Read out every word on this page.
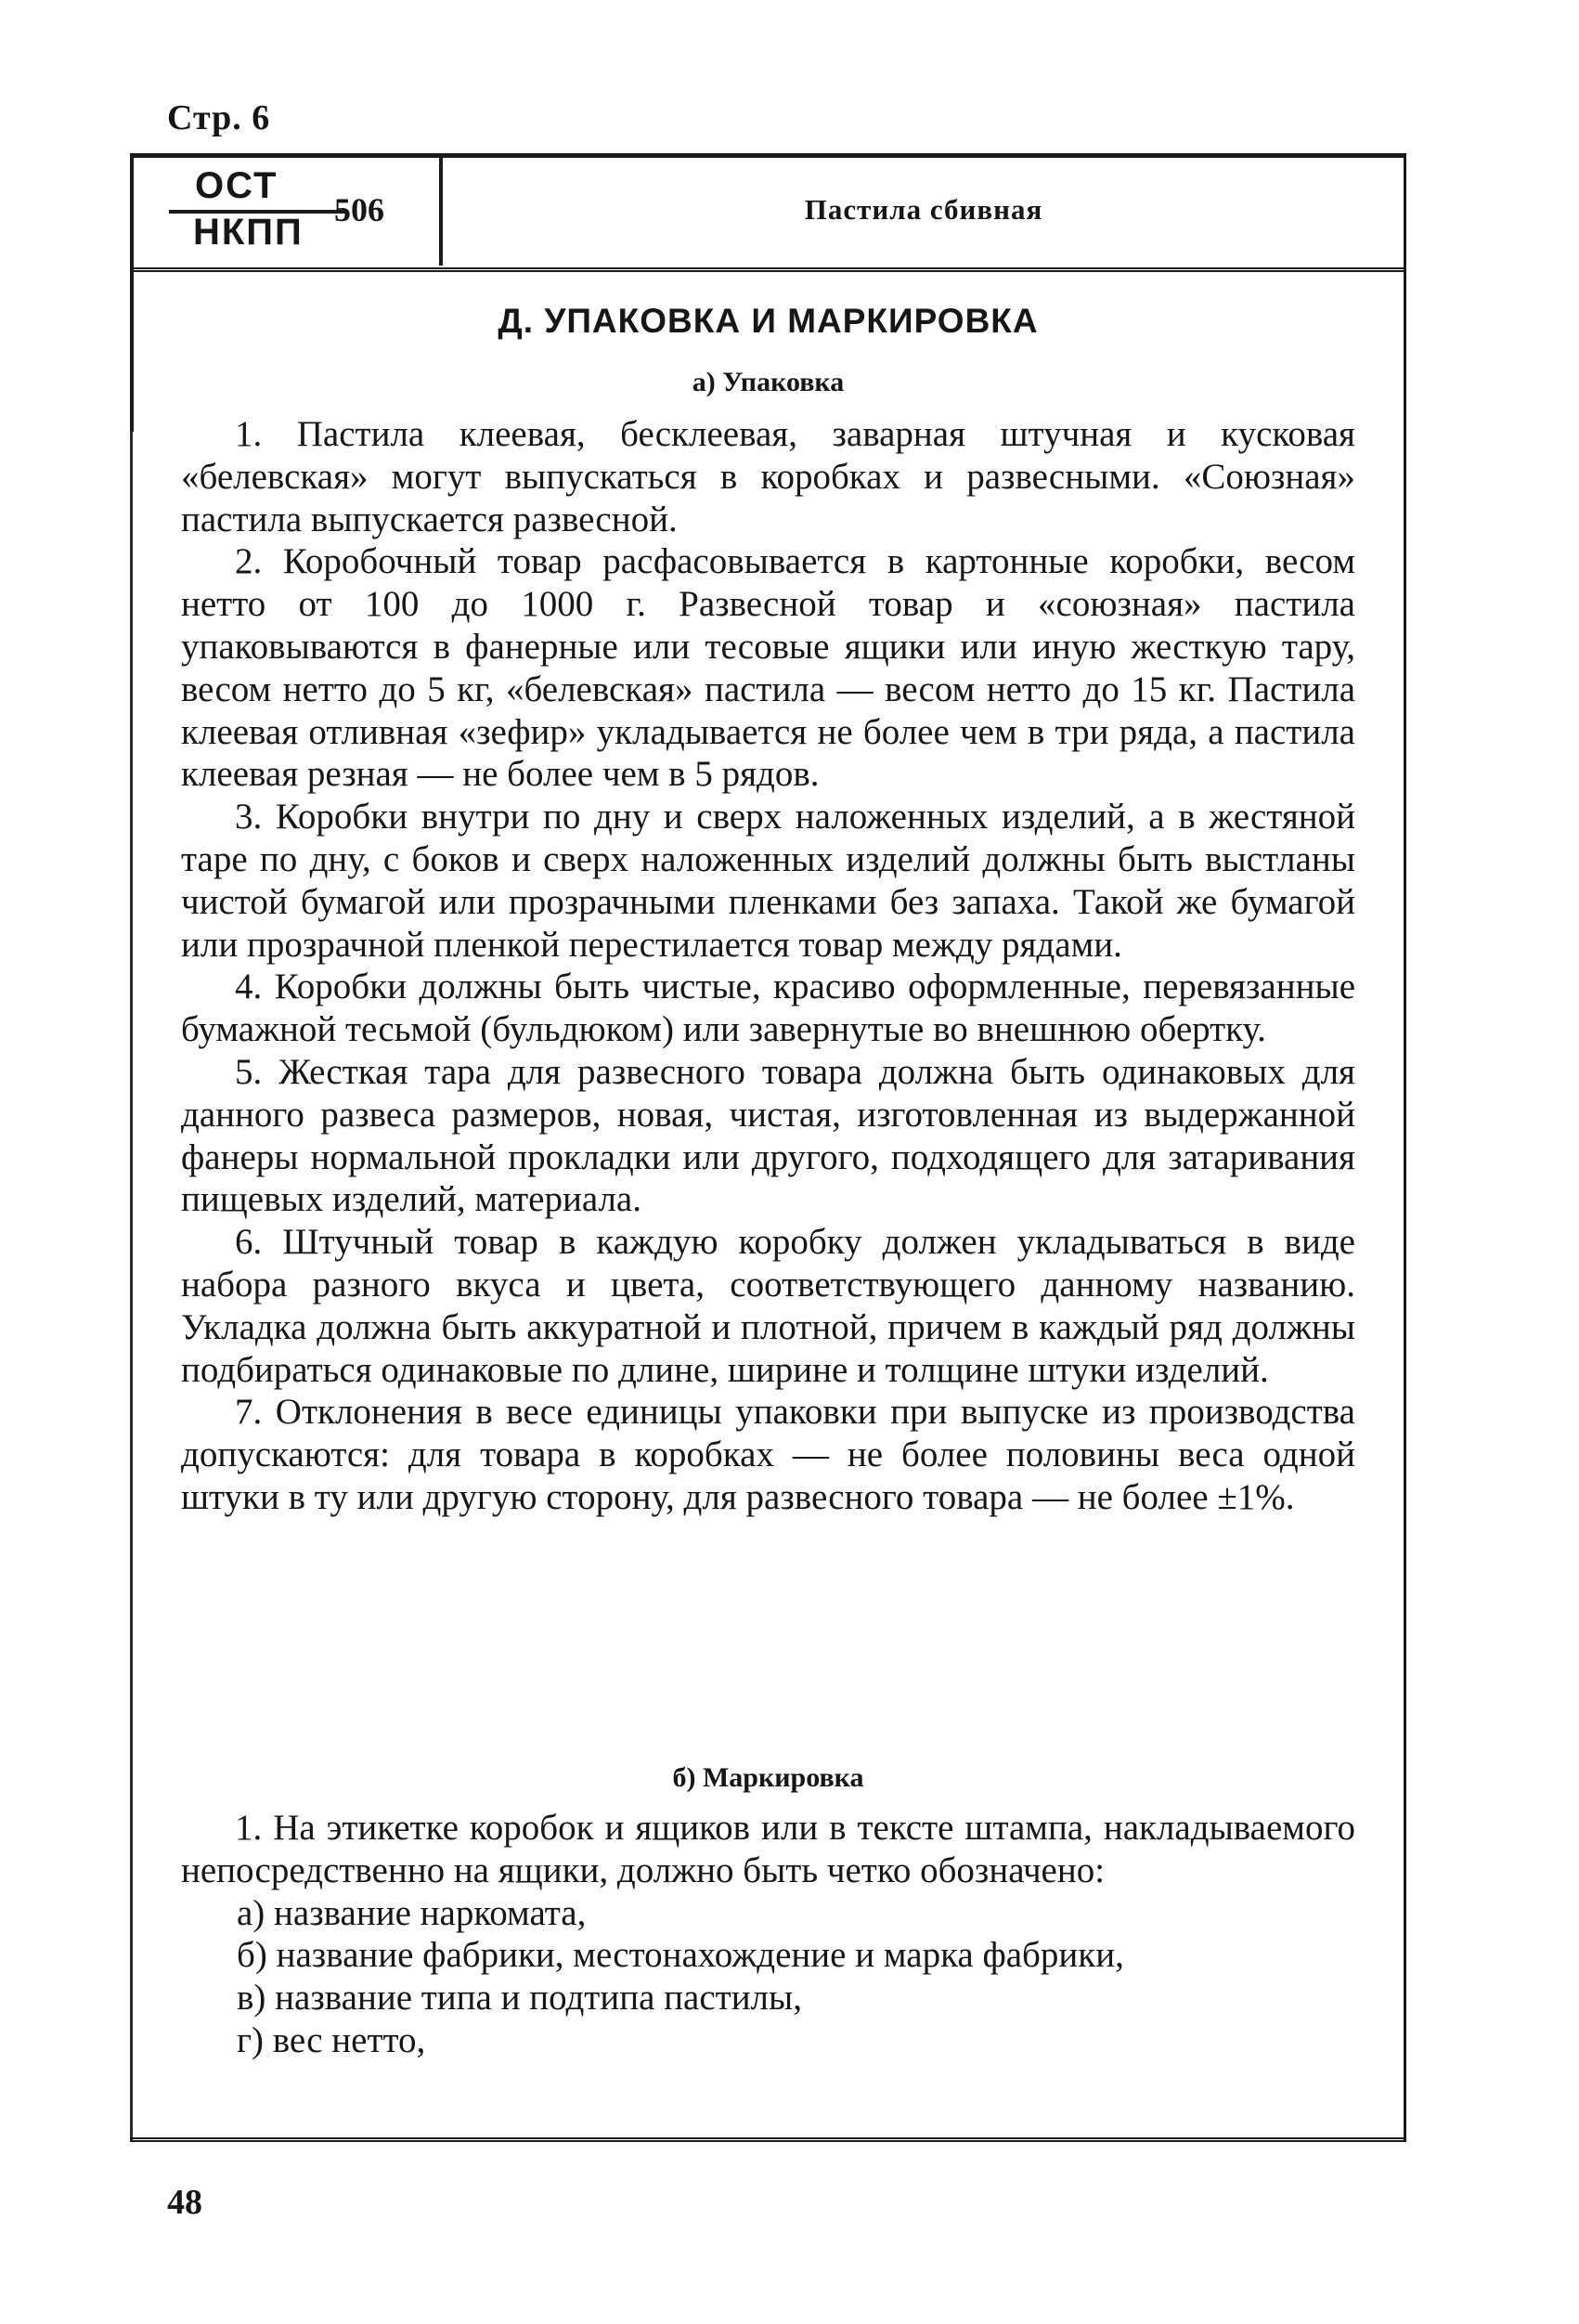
Стр. 6
ОСТ
НКПП
506	Пастила сбивная
Д. УПАКОВКА И МАРКИРОВКА
а) Упаковка

1. Пастила клеевая, бесклеевая, заварная штучная и кусковая «белевская» могут выпускаться в коробках и развесными. «Союзная» пастила выпускается развесной.

2. Коробочный товар расфасовывается в картонные коробки, весом нетто от 100 до 1000 г. Развесной товар и «союзная» пастила упаковываются в фанерные или тесовые ящики или иную жесткую тару, весом нетто до 5 кг, «белевская» пастила — весом нетто до 15 кг. Пастила клеевая отливная «зефир» укладывается не более чем в три ряда, а пастила клеевая резная — не более чем в 5 рядов.

3. Коробки внутри по дну и сверх наложенных изделий, а в жестяной таре по дну, с боков и сверх наложенных изделий должны быть выстланы чистой бумагой или прозрачными пленками без запаха. Такой же бумагой или прозрачной пленкой перестилается товар между рядами.

4. Коробки должны быть чистые, красиво оформленные, перевязанные бумажной тесьмой (бульдюком) или завернутые во внешнюю обертку.

5. Жесткая тара для развесного товара должна быть одинаковых для данного развеса размеров, новая, чистая, изготовленная из выдержанной фанеры нормальной прокладки или другого, подходящего для затаривания пищевых изделий, материала.

6. Штучный товар в каждую коробку должен укладываться в виде набора разного вкуса и цвета, соответствующего данному названию. Укладка должна быть аккуратной и плотной, причем в каждый ряд должны подбираться одинаковые по длине, ширине и толщине штуки изделий.

7. Отклонения в весе единицы упаковки при выпуске из производства допускаются: для товара в коробках — не более половины веса одной штуки в ту или другую сторону, для развесного товара — не более ±1%.

б) Маркировка

1. На этикетке коробок и ящиков или в тексте штампа, накладываемого непосредственно на ящики, должно быть четко обозначено:

а) название наркомата,

б) название фабрики, местонахождение и марка фабрики,

в) название типа и подтипа пастилы,

г) вес нетто,

48
